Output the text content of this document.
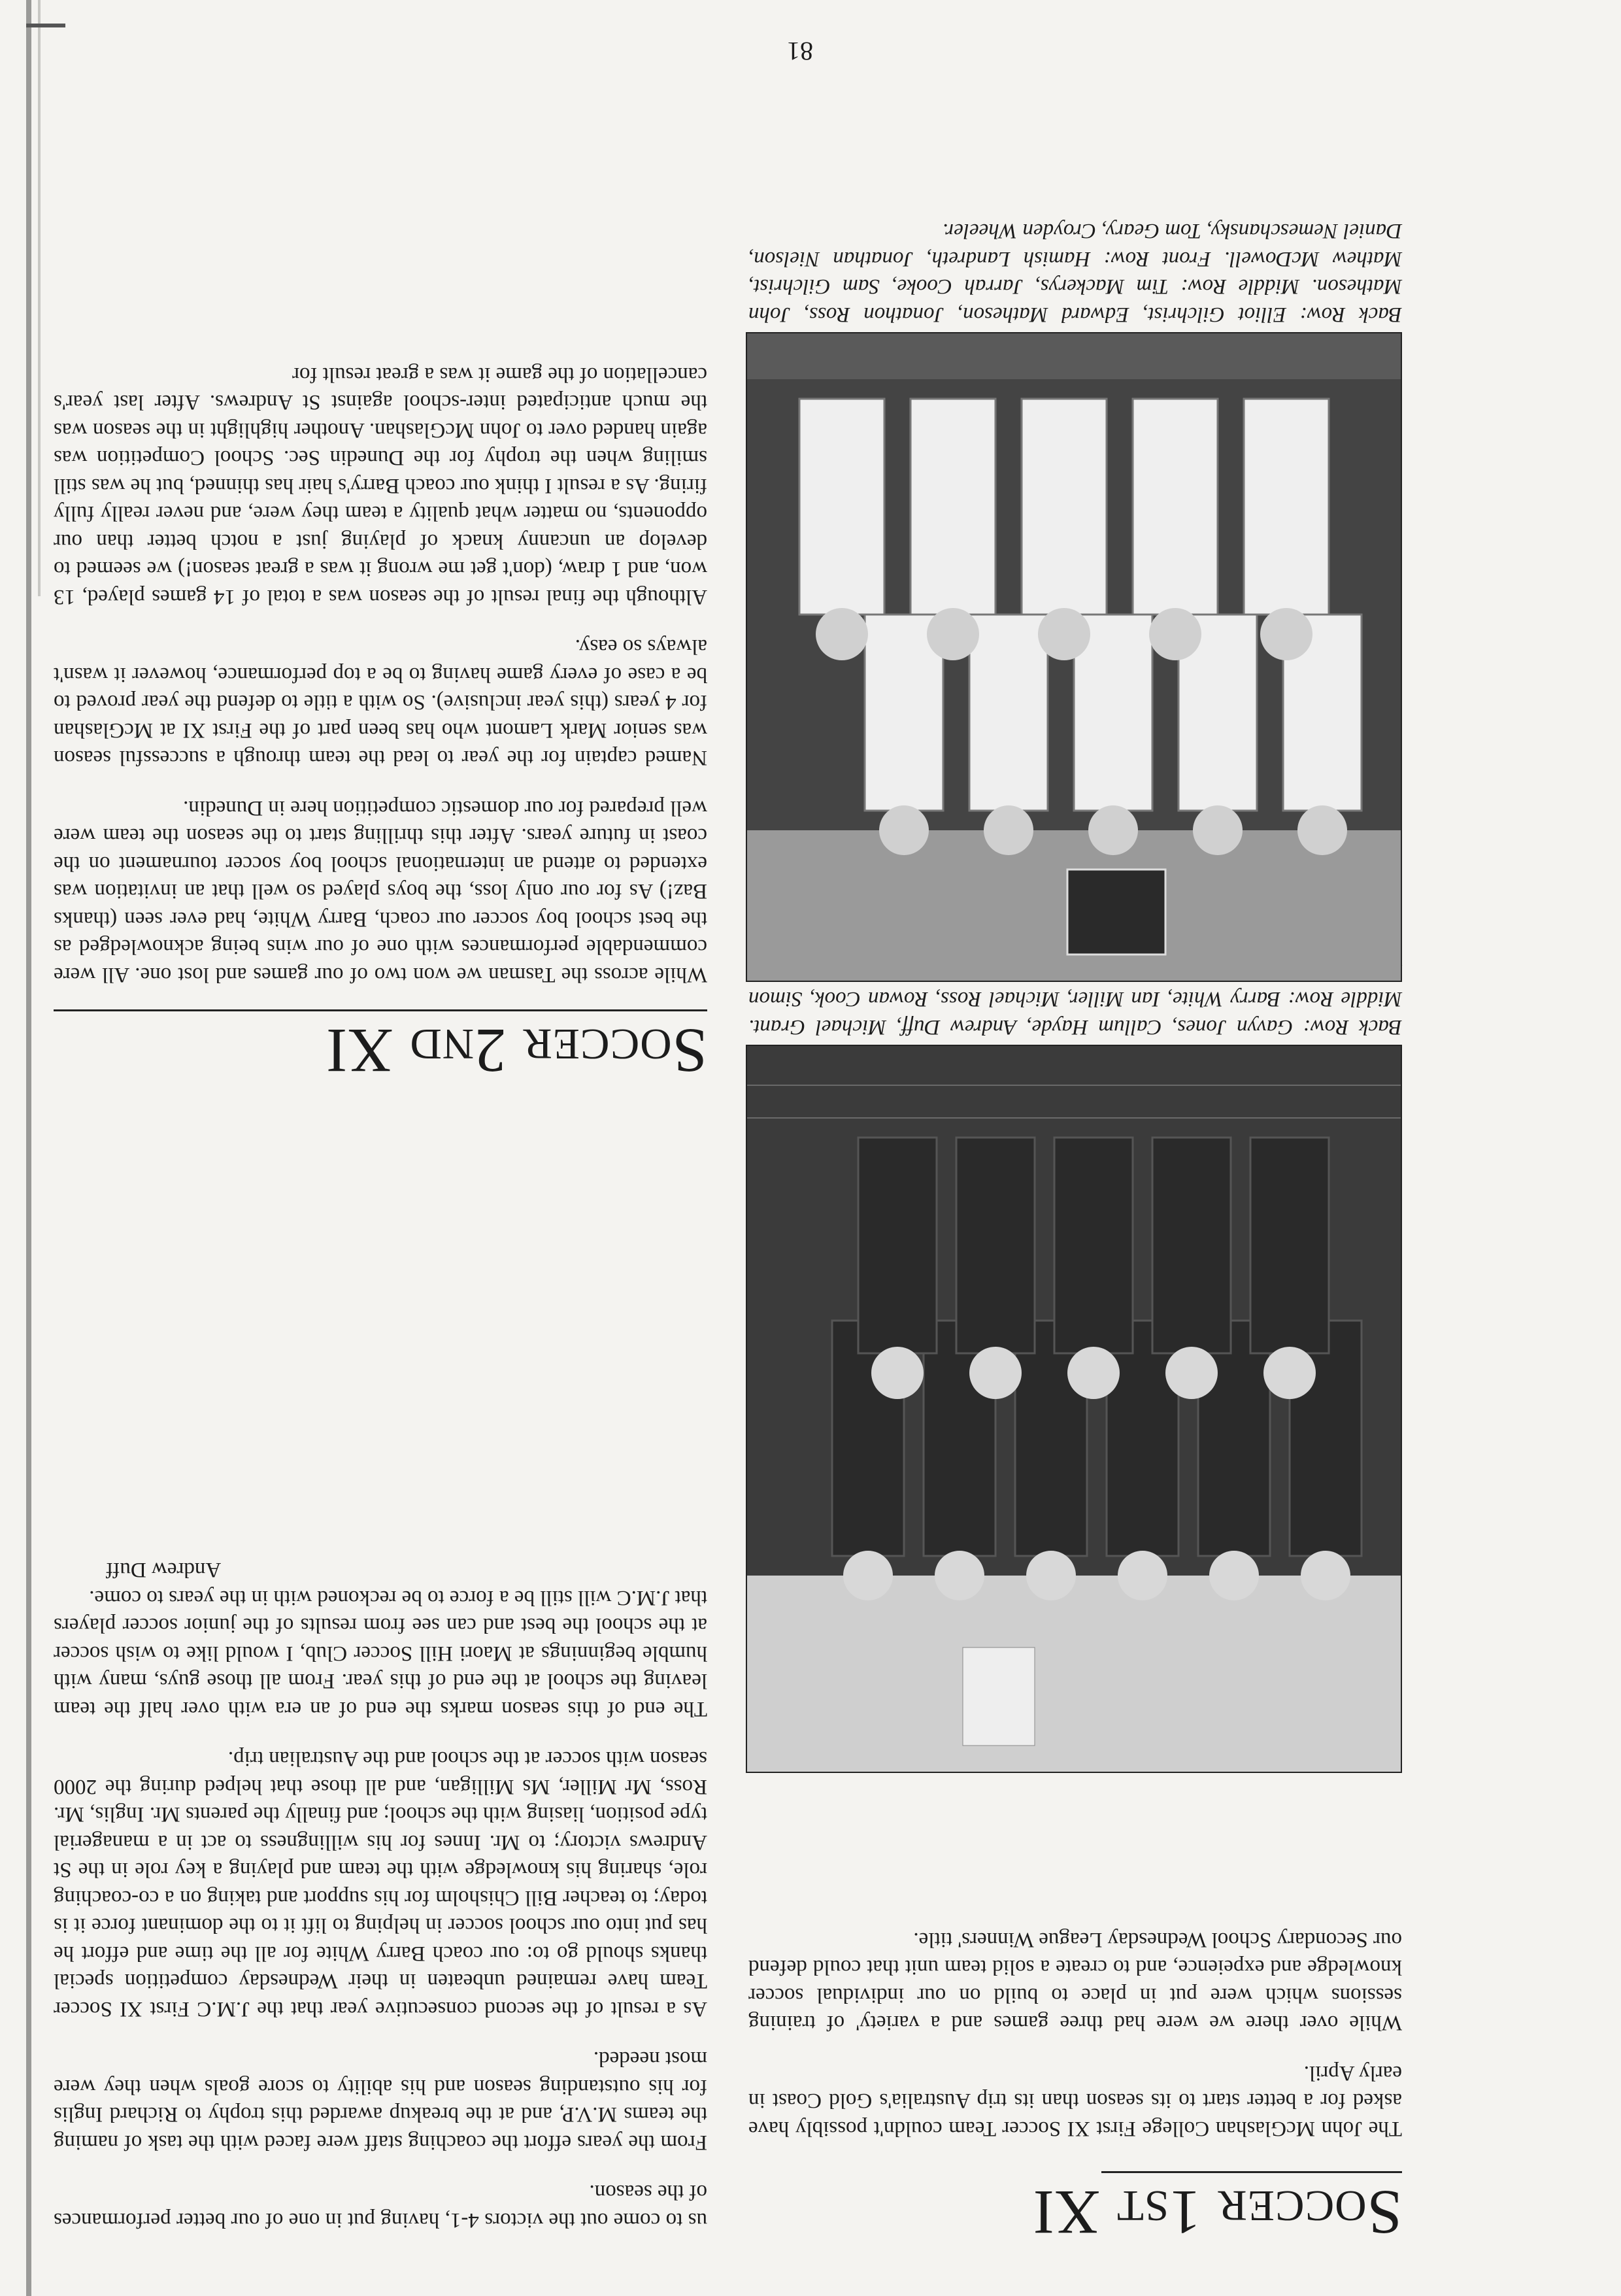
Soccer 1st XI

The John McGlashan College First XI Soccer Team couldn't possibly have asked for a better start to its season than its trip Australia's Gold Coast in early April.

While over there we were had three games and a variety' of training sessions which were put in place to build on our individual soccer knowledge and expeience, and to create a solid team unit that could defend our Secondary School Wednesday League Winners' title.

us to come out the victors 4-1, having put in one of our better performances of the season.

From the years effort the coaching staff were faced with the task of naming the teams M.V.P, and at the breakup awarded this trophy to Richard Inglis for his outstanding season and his ability to score goals when they were most needed.

As a result of the second consecutive year that the J.M.C First XI Soccer Team have remained unbeaten in their Wednesday competition special thanks should go to: our coach Barry White for all the time and effort he has put into our school soccer in helping to lift it to the dominant force it is today; to teacher Bill Chisholm for his support and taking on a co-coaching role, sharing his knowledge with the team and playing a key role in the St Andrews victory; to Mr. Innes for his willingness to act in a managerial type position, liasing with the school; and finally the parents Mr. Inglis, Mr. Ross, Mr Miller, Ms Milligan, and all those that helped during the 2000 season with soccer at the school and the Australian trip.

The end of this season marks the end of an era with over half the team leaving the school at the end of this year. From all those guys, many with humble beginnings at Maori Hill Soccer Club, I would like to wish soccer at the school the best and can see from results of the junior soccer players that J.M.C will still be a force to be reckoned with in the years to come.

Andrew Duff

Back Row: Gavyn Jones, Callum Hayde, Andrew Duff, Michael Grant. Middle Row: Barry White, Ian Miller, Michael Ross, Rowan Cook, Simon
Soccer 2nd XI

While across the Tasman we won two of our games and lost one. All were commendable performances with one of our wins being acknowledged as the best school boy soccer our coach, Barry White, had ever seen (thanks Baz!) As for our only loss, the boys played so well that an invitation was extended to attend an international school boy soccer tournament on the coast in future years. After this thrilling start to the season the team were well prepared for our domestic competition here in Dunedin.

Named captain for the year to lead the team through a successful season was senior Mark Lamont who has been part of the First XI at McGlashan for 4 years (this year inclusive). So with a title to defend the year proved to be a case of every game having to be a top performance, however it wasn't always so easy.

Although the final result of the season was a total of 14 games played, 13 won, and 1 draw, (don't get me wrong it was a great season!) we seemed to develop an uncanny knack of playing just a notch better than our opponents, no matter what quality a team they were, and never really fully firing. As a result I think our coach Barry's hair has thinned, but he was still smiling when the trophy for the Dunedin Sec. School Competition was again handed over to John McGlashan. Another highlight in the season was the much anticipated inter-school against St Andrews. After last year's cancellation of the game it was a great result for

Back Row: Elliot Gilchrist, Edward Matheson, Jonathon Ross, John Matheson. Middle Row: Tim Mackerys, Jarrah Cooke, Sam Gilchrist, Mathew McDowell. Front Row: Hamish Landreth, Jonathan Nielson, Daniel Nemeschansky, Tom Geary, Croyden Wheeler.
81
